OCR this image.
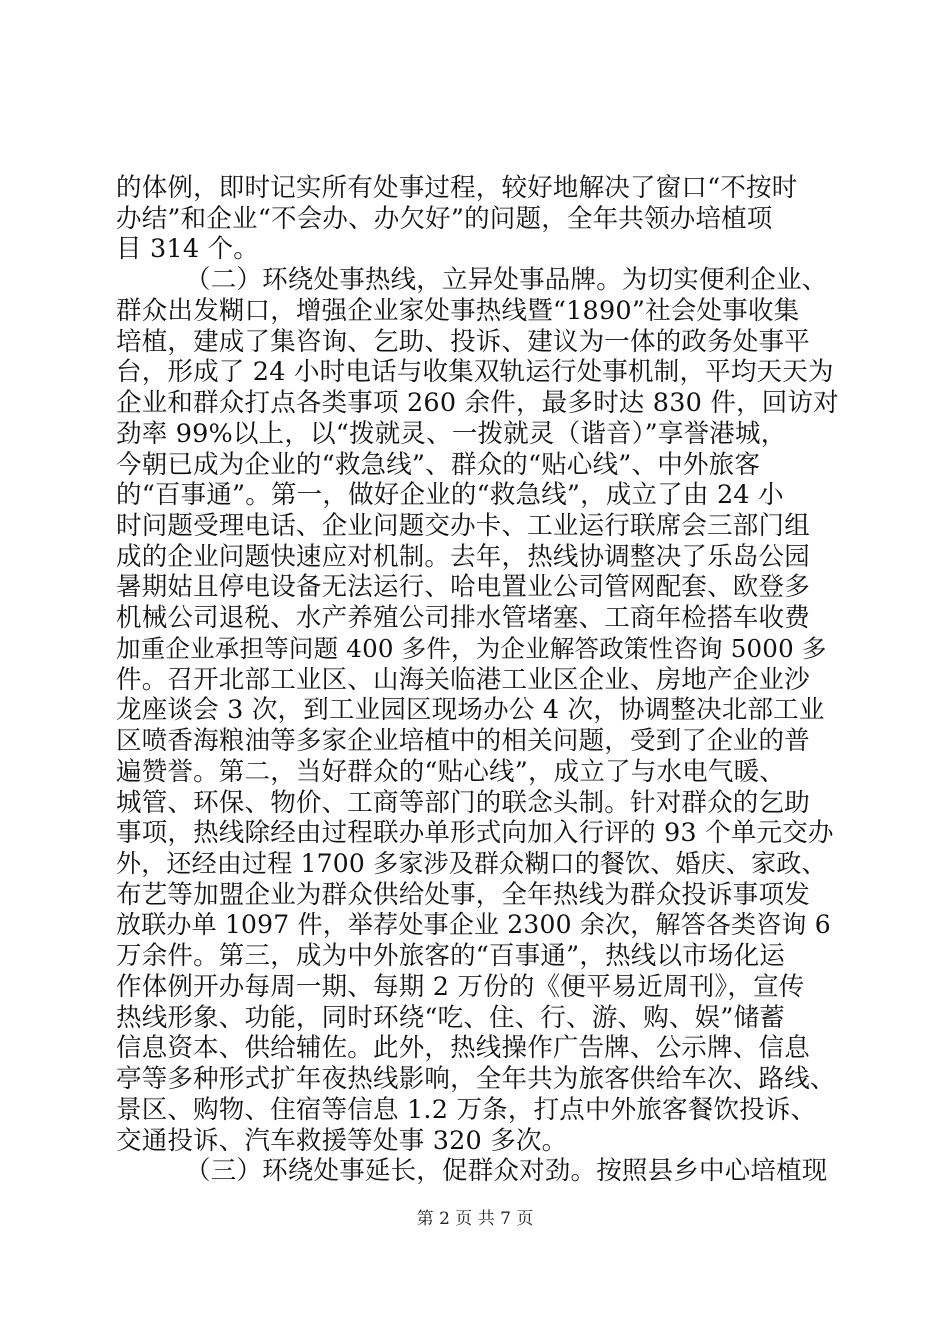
的体例，即时记实所有处事过程，较好地解决了窗口“不按时
办结”和企业“不会办、办欠好”的问题，全年共领办培植项
目 314 个。
（二）环绕处事热线，立异处事品牌。为切实便利企业、
群众出发糊口，增强企业家处事热线暨“1890”社会处事收集
培植，建成了集咨询、乞助、投诉、建议为一体的政务处事平
台，形成了 24 小时电话与收集双轨运行处事机制，平均天天为
企业和群众打点各类事项 260 余件，最多时达 830 件，回访对
劲率 99%以上，以“拨就灵、一拨就灵（谐音）”享誉港城，
今朝已成为企业的“救急线”、群众的“贴心线”、中外旅客
的“百事通”。第一，做好企业的“救急线”，成立了由 24 小
时问题受理电话、企业问题交办卡、工业运行联席会三部门组
成的企业问题快速应对机制。去年，热线协调整决了乐岛公园
暑期姑且停电设备无法运行、哈电置业公司管网配套、欧登多
机械公司退税、水产养殖公司排水管堵塞、工商年检搭车收费
加重企业承担等问题 400 多件，为企业解答政策性咨询 5000 多
件。召开北部工业区、山海关临港工业区企业、房地产企业沙
龙座谈会 3 次，到工业园区现场办公 4 次，协调整决北部工业
区喷香海粮油等多家企业培植中的相关问题，受到了企业的普
遍赞誉。第二，当好群众的“贴心线”，成立了与水电气暖、
城管、环保、物价、工商等部门的联念头制。针对群众的乞助
事项，热线除经由过程联办单形式向加入行评的 93 个单元交办
外，还经由过程 1700 多家涉及群众糊口的餐饮、婚庆、家政、
布艺等加盟企业为群众供给处事，全年热线为群众投诉事项发
放联办单 1097 件，举荐处事企业 2300 余次，解答各类咨询 6
万余件。第三，成为中外旅客的“百事通”，热线以市场化运
作体例开办每周一期、每期 2 万份的《便平易近周刊》，宣传
热线形象、功能，同时环绕“吃、住、行、游、购、娱”储蓄
信息资本、供给辅佐。此外，热线操作广告牌、公示牌、信息
亭等多种形式扩年夜热线影响，全年共为旅客供给车次、路线、
景区、购物、住宿等信息 1.2 万条，打点中外旅客餐饮投诉、
交通投诉、汽车救援等处事 320 多次。
（三）环绕处事延长，促群众对劲。按照县乡中心培植现
第 2 页 共 7 页
